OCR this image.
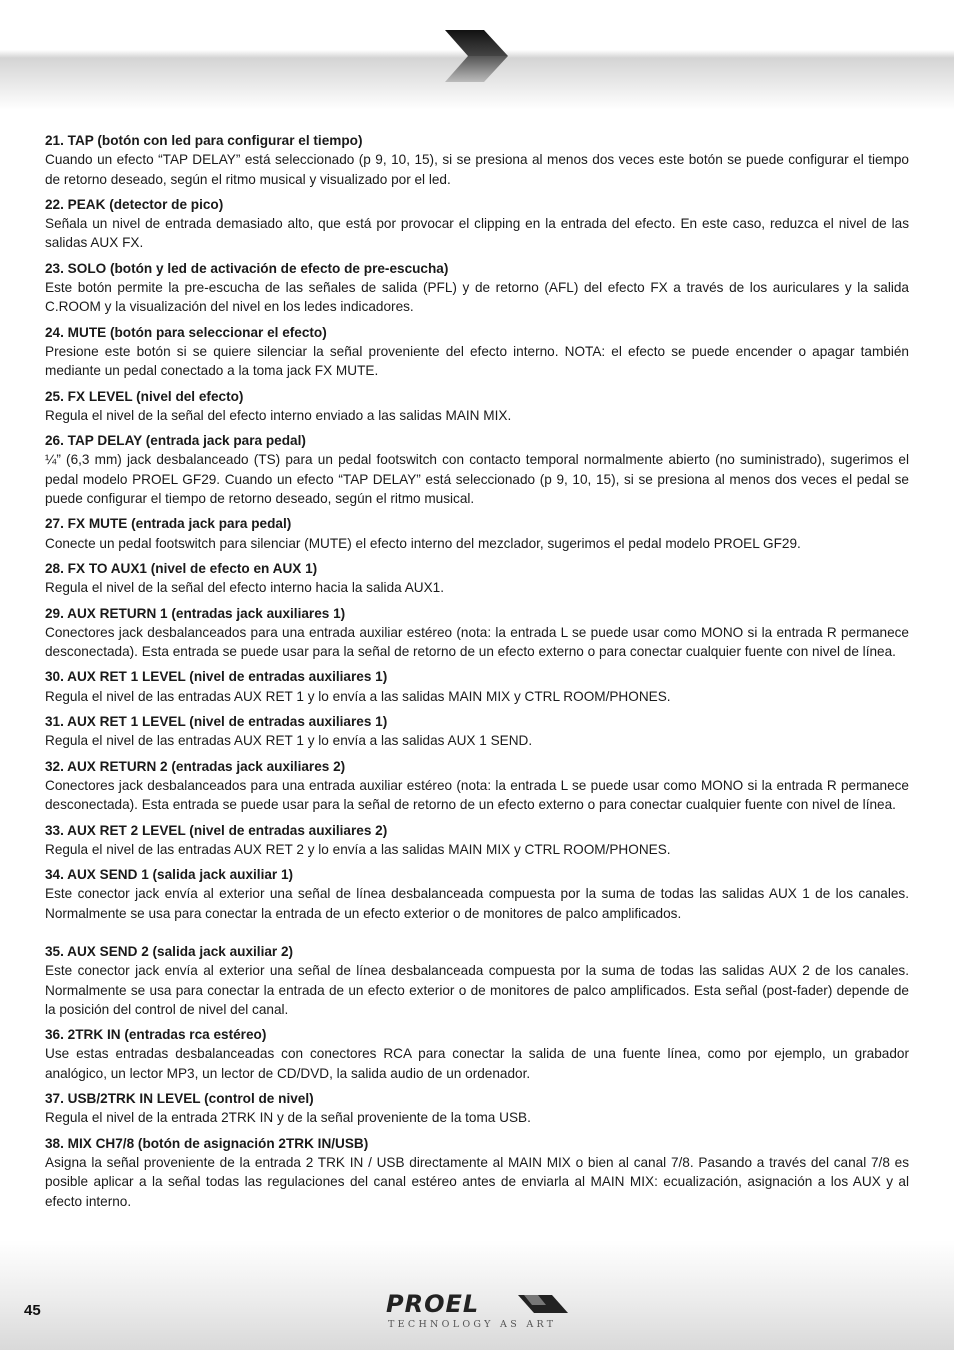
21. TAP (botón con led para configurar el tiempo)

Cuando un efecto “TAP DELAY” está seleccionado (p 9, 10, 15), si se presiona al menos dos veces este botón se puede configurar el tiempo de retorno deseado, según el ritmo musical y visualizado por el led.

22. PEAK (detector de pico)

Señala un nivel de entrada demasiado alto, que está por provocar el clipping en la entrada del efecto. En este caso, reduzca el nivel de las salidas AUX FX.

23. SOLO (botón y led de activación de efecto de pre-escucha)

Este botón permite la pre-escucha de las señales de salida (PFL) y de retorno (AFL) del efecto FX a través de los auriculares y la salida C.ROOM y la visualización del nivel en los ledes indicadores.

24. MUTE (botón para seleccionar el efecto)

Presione este botón si se quiere silenciar la señal proveniente del efecto interno. NOTA: el efecto se puede encender o apagar también mediante un pedal conectado a la toma jack FX MUTE.

25. FX LEVEL (nivel del efecto)

Regula el nivel de la señal del efecto interno enviado a las salidas MAIN MIX.

26. TAP DELAY (entrada jack para pedal)

¼” (6,3 mm) jack desbalanceado (TS) para un pedal footswitch con contacto temporal normalmente abierto (no suministrado), sugerimos el pedal modelo PROEL GF29. Cuando un efecto “TAP DELAY” está seleccionado (p 9, 10, 15), si se presiona al menos dos veces el pedal se puede configurar el tiempo de retorno deseado, según el ritmo musical.

27. FX MUTE (entrada jack para pedal)

Conecte un pedal footswitch para silenciar (MUTE) el efecto interno del mezclador, sugerimos el pedal modelo PROEL GF29.

28. FX TO AUX1 (nivel de efecto en AUX 1)

Regula el nivel de la señal del efecto interno hacia la salida AUX1.

29. AUX RETURN 1 (entradas jack auxiliares 1)

Conectores jack desbalanceados para una entrada auxiliar estéreo (nota: la entrada L se puede usar como MONO si la entrada R permanece desconectada). Esta entrada se puede usar para la señal de retorno de un efecto externo o para conectar cualquier fuente con nivel de línea.

30. AUX RET 1 LEVEL (nivel de entradas auxiliares 1)

Regula el nivel de las entradas AUX RET 1 y lo envía a las salidas MAIN MIX y CTRL ROOM/PHONES.

31. AUX RET 1 LEVEL (nivel de entradas auxiliares 1)

Regula el nivel de las entradas AUX RET 1 y lo envía a las salidas AUX 1 SEND.

32. AUX RETURN 2 (entradas jack auxiliares 2)

Conectores jack desbalanceados para una entrada auxiliar estéreo (nota: la entrada L se puede usar como MONO si la entrada R permanece desconectada). Esta entrada se puede usar para la señal de retorno de un efecto externo o para conectar cualquier fuente con nivel de línea.

33. AUX RET 2 LEVEL (nivel de entradas auxiliares 2)

Regula el nivel de las entradas AUX RET 2 y lo envía a las salidas MAIN MIX y CTRL ROOM/PHONES.

34. AUX SEND 1 (salida jack auxiliar 1)

Este conector jack envía al exterior una señal de línea desbalanceada compuesta por la suma de todas las salidas AUX 1 de los canales. Normalmente se usa para conectar la entrada de un efecto exterior o de monitores de palco amplificados.

35. AUX SEND 2 (salida jack auxiliar 2)

Este conector jack envía al exterior una señal de línea desbalanceada compuesta por la suma de todas las salidas AUX 2 de los canales. Normalmente se usa para conectar la entrada de un efecto exterior o de monitores de palco amplificados. Esta señal (post-fader) depende de la posición del control de nivel del canal.

36. 2TRK IN (entradas rca estéreo)

Use estas entradas desbalanceadas con conectores RCA para conectar la salida de una fuente línea, como por ejemplo, un grabador analógico, un lector MP3, un lector de CD/DVD, la salida audio de un ordenador.

37. USB/2TRK IN LEVEL (control de nivel)

Regula el nivel de la entrada 2TRK IN y de la señal proveniente de la toma USB.

38. MIX CH7/8 (botón de asignación 2TRK IN/USB)

Asigna la señal proveniente de la entrada 2 TRK IN / USB directamente al MAIN MIX o bien al canal 7/8. Pasando a través del canal 7/8 es posible aplicar a la señal todas las regulaciones del canal estéreo antes de enviarla al MAIN MIX: ecualización, asignación a los AUX y al efecto interno.

45	PROEL
TECHNOLOGY AS ART
